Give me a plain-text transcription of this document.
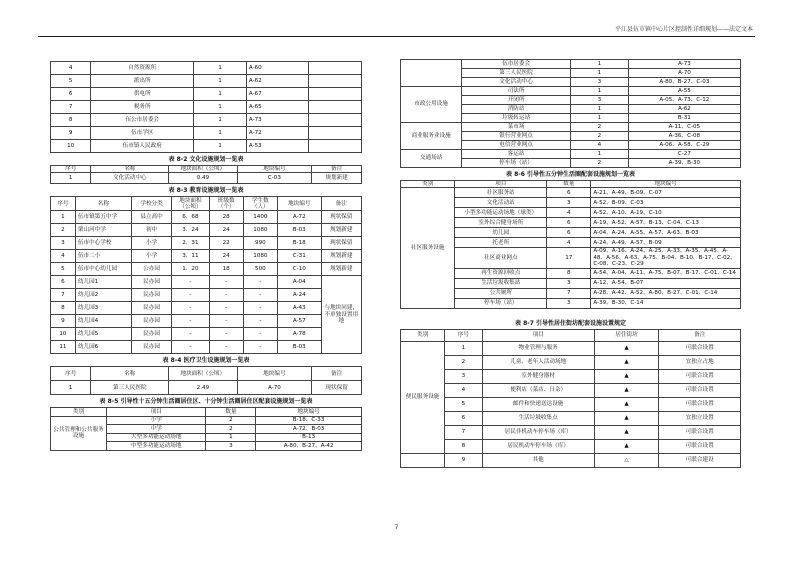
平江县伍市镇中心片区控制性详细规划——法定文本
4	自然资源所	1	A-60	
5	派出所	1	A-62	
6	供电所	1	A-67	
7	税务所	1	A-65	
8	伍公市居委会	1	A-73	
9	伍市学区	1	A-72	
10	伍市镇人民政府	1	A-53	
表 8-2 文化设施规划一览表
序号	名称	地块面积（公顷）	地块编号	备注
1	文化活动中心	0.49	C-03	规划新建
表 8-3 教育设施规划一览表
序号	名称	学校分类	地块面积（公顷）	班级数（个）	学生数（人）	地块编号	备注
1	伍市镇第五中学	县立高中	6．68	28	1400	A-72	现状保留
2	栗山河中学	初中	3．24	24	1080	B-03	规划新建
3	伍市中心学校	小学	2．31	22	990	B-18	现状保留
4	伍市二小	小学	3．11	24	1080	C-31	规划新建
5	伍市中心幼儿园	公办园	1．20	18	500	C-10	规划新建
6	幼儿园1	民办园	-	-	-	A-04	与地块同建，不单独设置用地
7	幼儿园2	民办园	-	-	-	A-24	
8	幼儿园3	民办园	-	-	-	A-43	
9	幼儿园4	民办园	-	-	-	A-57	
10	幼儿园5	民办园	-	-	-	A-78	
11	幼儿园6	民办园	-	-	-	B-03	
表 8-4 医疗卫生设施规划一览表
序号	名称	地块面积（公顷）	地块编号	备注
1	第三人民医院	2.49	A-70	现状保留
表 8-5 引导性十五分钟生活圈居住区、十分钟生活圈居住区配套设施规划一览表
类别	项目	数量	地块编号
公共管理和公共服务设施	小学	2	B-18、C-33
	中学	2	A-72、B-03
	大型多功能运动场地	1	B-13
	中型多功能运动场地	3	A-80、B-27、A-42
	伍市居委会	1	A-73
	第三人民医院	1	A-70
	文化活动中心	3	A-80、B-27、C-03
市政公用设施	司法所	1	A-55
	开闭所	3	A-05、A-73、C-12
	消防站	1	A-62
	垃圾转运站	1	B-31
商业服务业设施	菜市场	2	A-11、C-05
	银行营业网点	2	A-36、C-08
	电信营业网点	4	A-06、A-58、C-29
交通场站	客运站	1	C-27
	停车场（站）	2	A-39、B-30
表 8-6 引导性五分钟生活圈配套设施规划一览表
类别	项目	数量	地块编号
社区服务设施	社区服务站	6	A-21、A-49、B-09、C-07
	文化活动站	3	A-52、B-09、C-03
	小型多功能运动场地（球类）	4	A-52、A-10、A-19、C-10
	室外综合健身场所	6	A-19、A-52、A-57、B-13、C-04、C-13
	幼儿园	6	A-04、A-24、A-55、A-57、A-63、B-03
	托老所	4	A-24、A-49、A-57、B-09
	社区商业网点	17	A-09、A-16、A-24、A-25、A-33、A-35、A-45、A-48、A-56、A-63、A-75、B-04、B-10、B-17、C-02、C-08、C-23、C-29
	再生资源回收点	8	A-54、A-04、A-11、A-75、B-07、B-17、C-01、C-14
	生活垃圾收集站	3	A-12、A-54、B-07
	公共厕所	7	A-28、A-42、A-52、A-80、B-27、C-01、C-14
	停车场（站）	3	A-39、B-30、C-14
表 8-7 引导性居住街坊配套设施设置规定
类别	序号	项目	居住街坊	备注
便民服务设施	1	物业管理与服务	▲	可联合设置
	2	儿童、老年人活动场地	▲	宜独立占地
	3	室外健身器材	▲	可联合设置
	4	便利店（菜店、日杂）	▲	可联合设置
	5	邮件和快递送达设施	▲	可联合设置
	6	生活垃圾收集点	▲	宜独立设置
	7	居民非机动车停车场（库）	▲	可联合设置
	8	居民机动车停车场（库）	▲	可联合设置
	9	其他	△	可联合建设
7
